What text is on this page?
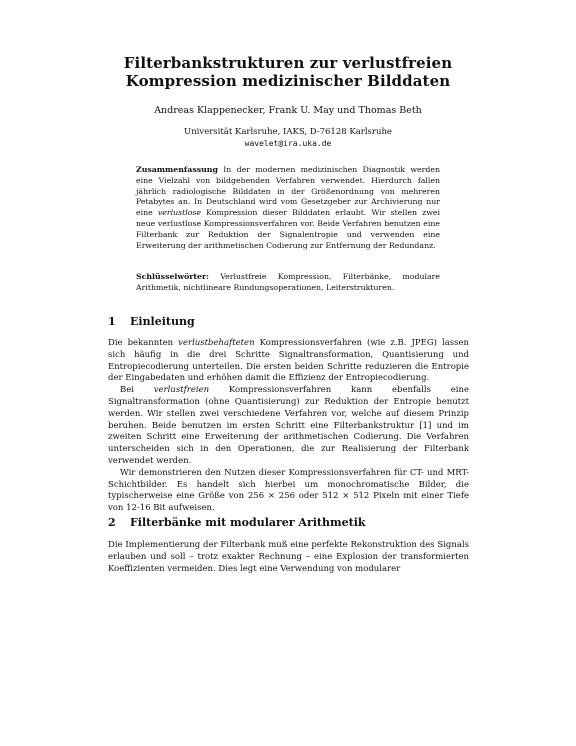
Filterbankstrukturen zur verlustfreien
Kompression medizinischer Bilddaten
Andreas Klappenecker, Frank U. May und Thomas Beth
Universität Karlsruhe, IAKS, D-76128 Karlsruhe
wavelet@ira.uka.de
Zusammenfassung In der modernen medizinischen Diagnostik werden eine Vielzahl von bildgebenden Verfahren verwendet. Hierdurch fallen jährlich radiologische Bilddaten in der Größenordnung von mehreren Petabytes an. In Deutschland wird vom Gesetzgeber zur Archivierung nur eine verlustlose Kompression dieser Bilddaten erlaubt. Wir stellen zwei neue verlustlose Kompressionsverfahren vor. Beide Verfahren benutzen eine Filterbank zur Reduktion der Signalentropie und verwenden eine Erweiterung der arithmetischen Codierung zur Entfernung der Redundanz.
Schlüsselwörter: Verlustfreie Kompression, Filterbänke, modulare Arithmetik, nichtlineare Rundungsoperationen, Leiterstrukturen.
1 Einleitung

Die bekannten verlustbehafteten Kompressionsverfahren (wie z.B. JPEG) lassen sich häufig in die drei Schritte Signaltransformation, Quantisierung und Entropiecodierung unterteilen. Die ersten beiden Schritte reduzieren die Entropie der Eingabedaten und erhöhen damit die Effizienz der Entropiecodierung.

Bei verlustfreien Kompressionsverfahren kann ebenfalls eine Signaltransformation (ohne Quantisierung) zur Reduktion der Entropie benutzt werden. Wir stellen zwei verschiedene Verfahren vor, welche auf diesem Prinzip beruhen. Beide benutzen im ersten Schritt eine Filterbankstruktur [1] und im zweiten Schritt eine Erweiterung der arithmetischen Codierung. Die Verfahren unterscheiden sich in den Operationen, die zur Realisierung der Filterbank verwendet werden.

Wir demonstrieren den Nutzen dieser Kompressionsverfahren für CT- und MRT-Schichtbilder. Es handelt sich hierbei um monochromatische Bilder, die typischerweise eine Größe von 256 × 256 oder 512 × 512 Pixeln mit einer Tiefe von 12-16 Bit aufweisen.

2 Filterbänke mit modularer Arithmetik

Die Implementierung der Filterbank muß eine perfekte Rekonstruktion des Signals erlauben und soll – trotz exakter Rechnung – eine Explosion der transformierten Koeffizienten vermeiden. Dies legt eine Verwendung von modularer
